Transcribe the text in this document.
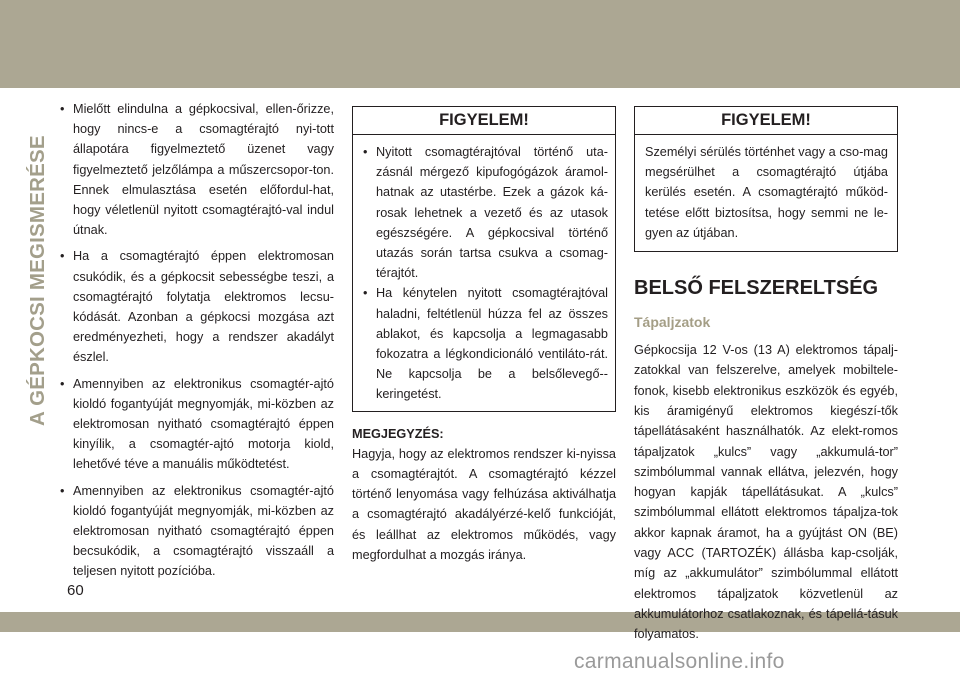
A GÉPKOCSI MEGISMERÉSE
• Mielőtt elindulna a gépkocsival, ellen-őrizze, hogy nincs-e a csomagtérajtó nyi-tott állapotára figyelmeztető üzenet vagy figyelmeztető jelzőlámpa a műszercsopor-ton. Ennek elmulasztása esetén előfordul-hat, hogy véletlenül nyitott csomagtérajtó-val indul útnak.
• Ha a csomagtérajtó éppen elektromosan csukódik, és a gépkocsit sebességbe teszi, a csomagtérajtó folytatja elektromos lecsu-kódását. Azonban a gépkocsi mozgása azt eredményezheti, hogy a rendszer akadályt észlel.
• Amennyiben az elektronikus csomagtér-ajtó kioldó fogantyúját megnyomják, mi-közben az elektromosan nyitható csomagtérajtó éppen kinyílik, a csomagtér-ajtó motorja kiold, lehetővé téve a manuális működtetést.
• Amennyiben az elektronikus csomagtér-ajtó kioldó fogantyúját megnyomják, mi-közben az elektromosan nyitható csomagtérajtó éppen becsukódik, a csomagtérajtó visszaáll a teljesen nyitott pozícióba.
FIGYELEM!
• Nyitott csomagtérajtóval történő uta-zásnál mérgező kipufogógázok áramol-hatnak az utastérbe. Ezek a gázok ká-rosak lehetnek a vezető és az utasok egészségére. A gépkocsival történő utazás során tartsa csukva a csomag-térajtót.
• Ha kénytelen nyitott csomagtérajtóval haladni, feltétlenül húzza fel az összes ablakot, és kapcsolja a legmagasabb fokozatra a légkondicionáló ventiláto-rát. Ne kapcsolja be a belsőlevegő--keringetést.
MEGJEGYZÉS:
Hagyja, hogy az elektromos rendszer ki-nyissa a csomagtérajtót. A csomagtérajtó kézzel történő lenyomása vagy felhúzása aktiválhatja a csomagtérajtó akadályérzé-kelő funkcióját, és leállhat az elektromos működés, vagy megfordulhat a mozgás iránya.
FIGYELEM!
Személyi sérülés történhet vagy a cso-mag megsérülhet a csomagtérajtó útjába kerülés esetén. A csomagtérajtó működ-tetése előtt biztosítsa, hogy semmi ne le-gyen az útjában.
BELSŐ FELSZERELTSÉG
Tápaljzatok
Gépkocsija 12 V-os (13 A) elektromos tápalj-zatokkal van felszerelve, amelyek mobiltele-fonok, kisebb elektronikus eszközök és egyéb, kis áramigényű elektromos kiegészí-tők tápellátásaként használhatók. Az elekt-romos tápaljzatok „kulcs” vagy „akkumulá-tor” szimbólummal vannak ellátva, jelezvén, hogy hogyan kapják tápellátásukat. A „kulcs” szimbólummal ellátott elektromos tápaljza-tok akkor kapnak áramot, ha a gyújtást ON (BE) vagy ACC (TARTOZÉK) állásba kap-csolják, míg az „akkumulátor” szimbólummal ellátott elektromos tápaljzatok közvetlenül az akkumulátorhoz csatlakoznak, és tápellá-tásuk folyamatos.
60
carmanualsonline.info
